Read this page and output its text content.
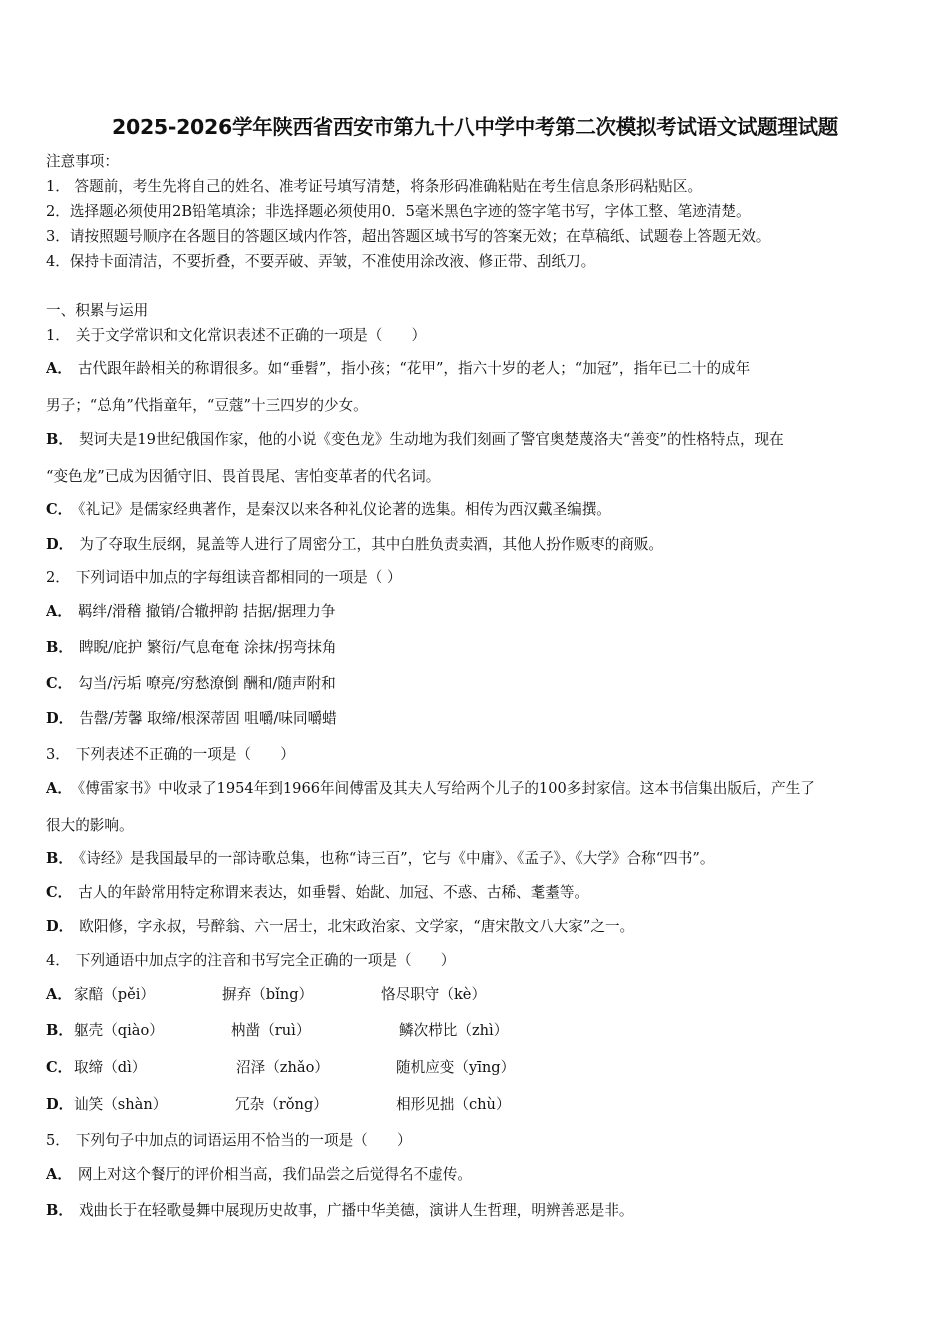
2025-2026学年陕西省西安市第九十八中学中考第二次模拟考试语文试题理试题
注意事项：
1． 答题前，考生先将自己的姓名、准考证号填写清楚，将条形码准确粘贴在考生信息条形码粘贴区。
2．选择题必须使用2B铅笔填涂；非选择题必须使用0．5毫米黑色字迹的签字笔书写，字体工整、笔迹清楚。
3．请按照题号顺序在各题目的答题区域内作答，超出答题区域书写的答案无效；在草稿纸、试题卷上答题无效。
4．保持卡面清洁，不要折叠，不要弄破、弄皱，不准使用涂改液、修正带、刮纸刀。
一、积累与运用
1． 关于文学常识和文化常识表述不正确的一项是（　　）
A． 古代跟年龄相关的称谓很多。如“垂髫”，指小孩；“花甲”，指六十岁的老人；“加冠”，指年已二十的成年
男子；“总角”代指童年，“豆蔻”十三四岁的少女。
B． 契诃夫是19世纪俄国作家，他的小说《变色龙》生动地为我们刻画了警官奥楚蔑洛夫“善变”的性格特点，现在
“变色龙”已成为因循守旧、畏首畏尾、害怕变革者的代名词。
C． 《礼记》是儒家经典著作，是秦汉以来各种礼仪论著的选集。相传为西汉戴圣编撰。
D． 为了夺取生辰纲，晁盖等人进行了周密分工，其中白胜负责卖酒，其他人扮作贩枣的商贩。
2． 下列词语中加点的字每组读音都相同的一项是（ ）
A． 羁绊/滑稽 撤销/合辙押韵 拮据/据理力争
B． 睥睨/庇护 繁衍/气息奄奄 涂抹/拐弯抹角
C． 勾当/污垢 嘹亮/穷愁潦倒 酬和/随声附和
D． 告罄/芳馨 取缔/根深蒂固 咀嚼/味同嚼蜡
3． 下列表述不正确的一项是（　　）
A． 《傅雷家书》中收录了1954年到1966年间傅雷及其夫人写给两个儿子的100多封家信。这本书信集出版后，产生了
很大的影响。
B． 《诗经》是我国最早的一部诗歌总集，也称“诗三百”，它与《中庸》、《孟子》、《大学》合称“四书”。
C． 古人的年龄常用特定称谓来表达，如垂髫、始龀、加冠、不惑、古稀、耄耋等。
D． 欧阳修，字永叔，号醉翁、六一居士，北宋政治家、文学家，“唐宋散文八大家”之一。
4． 下列通语中加点字的注音和书写完全正确的一项是（　　）
A． 家醅（pěi）	摒弃（bǐng）	恪尽职守（kè）
B． 躯壳（qiào）	枘凿（ruì）	鳞次栉比（zhì）
C． 取缔（dì）	沼泽（zhǎo）	随机应变（yīng）
D． 讪笑（shàn）	冗杂（rǒng）	相形见拙（chù）
5． 下列句子中加点的词语运用不恰当的一项是（　　）
A． 网上对这个餐厅的评价相当高，我们品尝之后觉得名不虚传。
B． 戏曲长于在轻歌曼舞中展现历史故事，广播中华美德，演讲人生哲理，明辨善恶是非。
